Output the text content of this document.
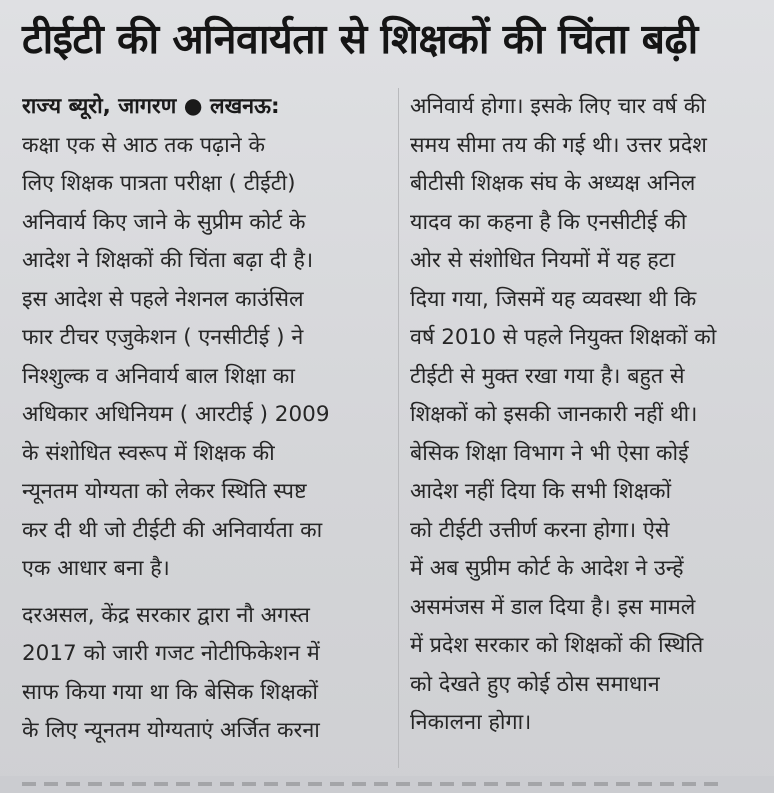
टीईटी की अनिवार्यता से शिक्षकों की चिंता बढ़ी
राज्य ब्यूरो, जागरण ● लखनऊ:
कक्षा एक से आठ तक पढ़ाने के
लिए शिक्षक पात्रता परीक्षा ( टीईटी)
अनिवार्य किए जाने के सुप्रीम कोर्ट के
आदेश ने शिक्षकों की चिंता बढ़ा दी है।
इस आदेश से पहले नेशनल काउंसिल
फार टीचर एजुकेशन ( एनसीटीई ) ने
निश्शुल्क व अनिवार्य बाल शिक्षा का
अधिकार अधिनियम ( आरटीई ) 2009
के संशोधित स्वरूप में शिक्षक की
न्यूनतम योग्यता को लेकर स्थिति स्पष्ट
कर दी थी जो टीईटी की अनिवार्यता का
एक आधार बना है।
दरअसल, केंद्र सरकार द्वारा नौ अगस्त
2017 को जारी गजट नोटीफिकेशन में
साफ किया गया था कि बेसिक शिक्षकों
के लिए न्यूनतम योग्यताएं अर्जित करना
अनिवार्य होगा। इसके लिए चार वर्ष की
समय सीमा तय की गई थी। उत्तर प्रदेश
बीटीसी शिक्षक संघ के अध्यक्ष अनिल
यादव का कहना है कि एनसीटीई की
ओर से संशोधित नियमों में यह हटा
दिया गया, जिसमें यह व्यवस्था थी कि
वर्ष 2010 से पहले नियुक्त शिक्षकों को
टीईटी से मुक्त रखा गया है। बहुत से
शिक्षकों को इसकी जानकारी नहीं थी।
बेसिक शिक्षा विभाग ने भी ऐसा कोई
आदेश नहीं दिया कि सभी शिक्षकों
को टीईटी उत्तीर्ण करना होगा। ऐसे
में अब सुप्रीम कोर्ट के आदेश ने उन्हें
असमंजस में डाल दिया है। इस मामले
में प्रदेश सरकार को शिक्षकों की स्थिति
को देखते हुए कोई ठोस समाधान
निकालना होगा।
